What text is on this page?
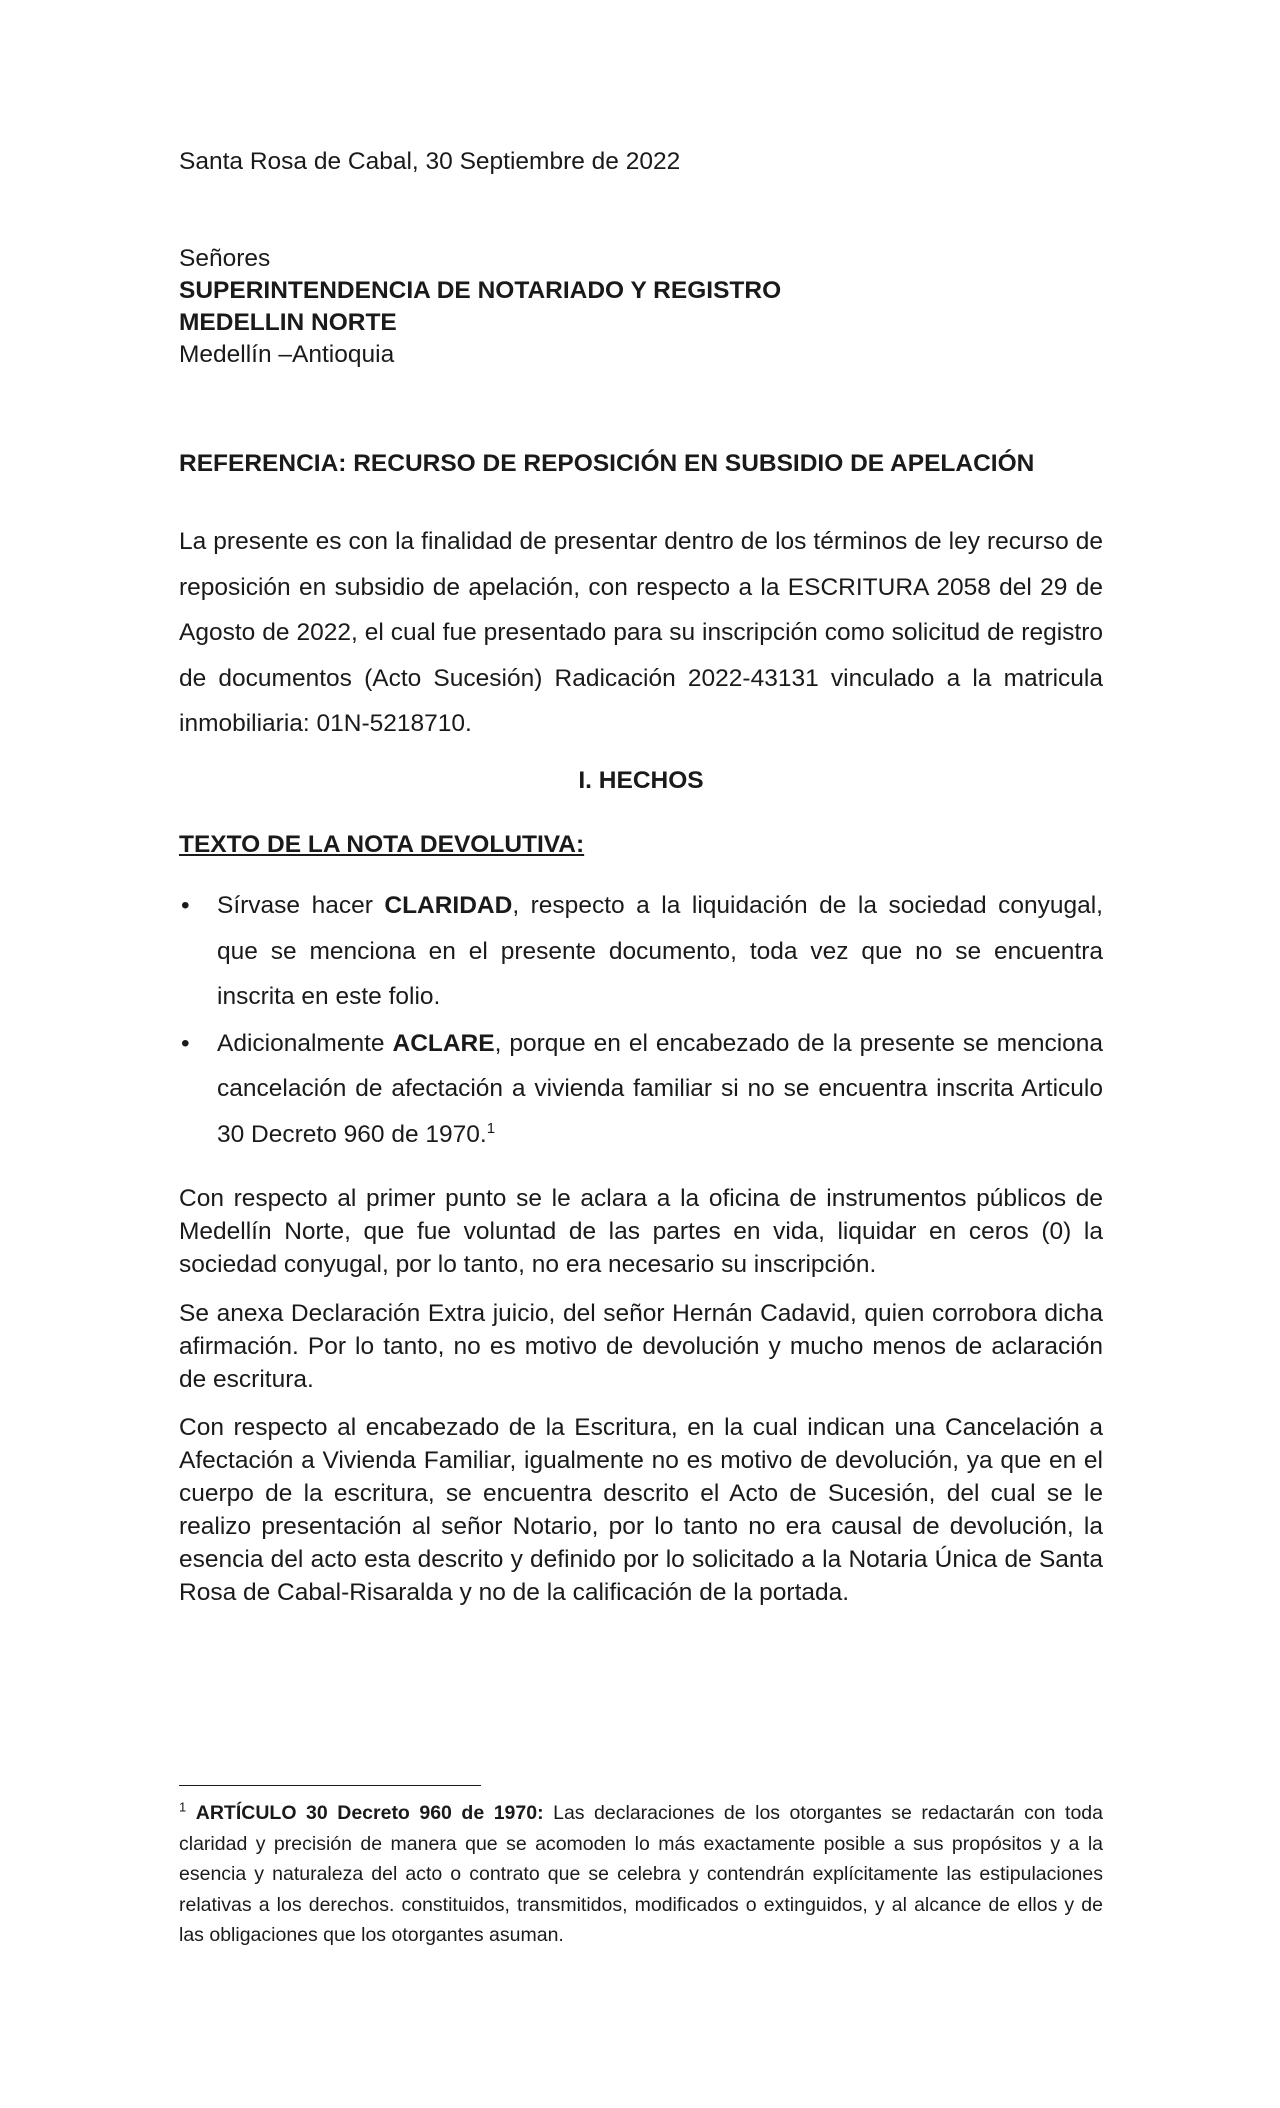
Santa Rosa de Cabal, 30 Septiembre de 2022
Señores
SUPERINTENDENCIA DE NOTARIADO Y REGISTRO
MEDELLIN NORTE
Medellín –Antioquia
REFERENCIA: RECURSO DE REPOSICIÓN EN SUBSIDIO DE APELACIÓN
La presente es con la finalidad de presentar dentro de los términos de ley recurso de reposición en subsidio de apelación, con respecto a la ESCRITURA 2058 del 29 de Agosto de 2022, el cual fue presentado para su inscripción como solicitud de registro de documentos (Acto Sucesión) Radicación 2022-43131 vinculado a la matricula inmobiliaria: 01N-5218710.
I. HECHOS
TEXTO DE LA NOTA DEVOLUTIVA:
• Sírvase hacer CLARIDAD, respecto a la liquidación de la sociedad conyugal, que se menciona en el presente documento, toda vez que no se encuentra inscrita en este folio.
• Adicionalmente ACLARE, porque en el encabezado de la presente se menciona cancelación de afectación a vivienda familiar si no se encuentra inscrita Articulo 30 Decreto 960 de 1970.$^1$
Con respecto al primer punto se le aclara a la oficina de instrumentos públicos de Medellín Norte, que fue voluntad de las partes en vida, liquidar en ceros (0) la sociedad conyugal, por lo tanto, no era necesario su inscripción.
Se anexa Declaración Extra juicio, del señor Hernán Cadavid, quien corrobora dicha afirmación. Por lo tanto, no es motivo de devolución y mucho menos de aclaración de escritura.
Con respecto al encabezado de la Escritura, en la cual indican una Cancelación a Afectación a Vivienda Familiar, igualmente no es motivo de devolución, ya que en el cuerpo de la escritura, se encuentra descrito el Acto de Sucesión, del cual se le realizo presentación al señor Notario, por lo tanto no era causal de devolución, la esencia del acto esta descrito y definido por lo solicitado a la Notaria Única de Santa Rosa de Cabal-Risaralda y no de la calificación de la portada.
$^1$ ARTÍCULO 30 Decreto 960 de 1970: Las declaraciones de los otorgantes se redactarán con toda claridad y precisión de manera que se acomoden lo más exactamente posible a sus propósitos y a la esencia y naturaleza del acto o contrato que se celebra y contendrán explícitamente las estipulaciones relativas a los derechos. constituidos, transmitidos, modificados o extinguidos, y al alcance de ellos y de las obligaciones que los otorgantes asuman.
